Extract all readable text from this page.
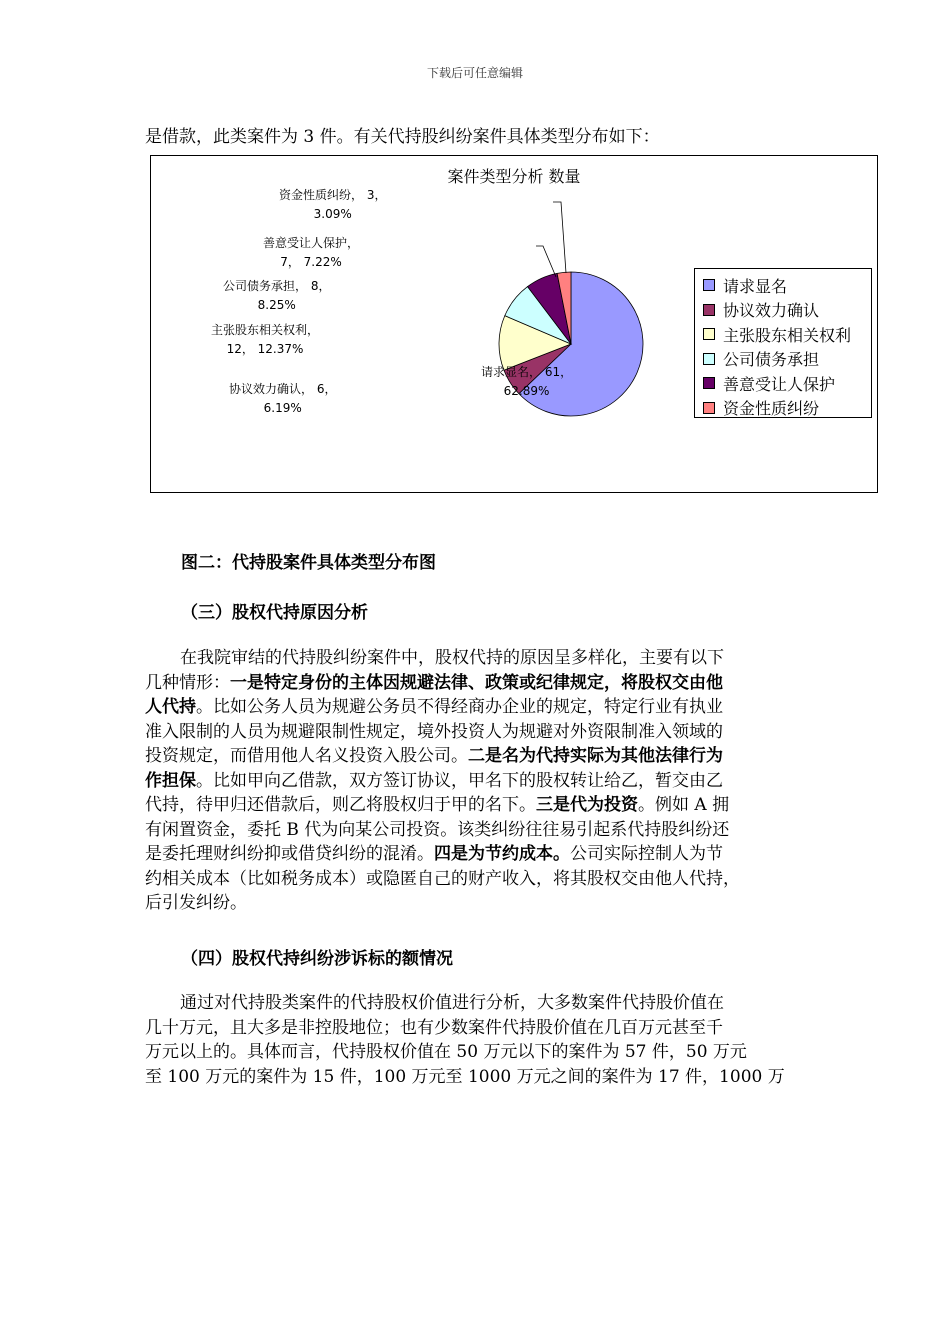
下载后可任意编辑
是借款，此类案件为 3 件。有关代持股纠纷案件具体类型分布如下：
案件类型分析 数量
请求显名， 61，
62.89%
协议效力确认， 6，
6.19%
主张股东相关权利，
12， 12.37%
公司债务承担， 8，
8.25%
善意受让人保护，
7， 7.22%
资金性质纠纷， 3，
3.09%
请求显名
协议效力确认
主张股东相关权利
公司债务承担
善意受让人保护
资金性质纠纷
图二：代持股案件具体类型分布图
（三）股权代持原因分析
在我院审结的代持股纠纷案件中，股权代持的原因呈多样化，主要有以下
几种情形：一是特定身份的主体因规避法律、政策或纪律规定，将股权交由他
人代持。比如公务人员为规避公务员不得经商办企业的规定，特定行业有执业
准入限制的人员为规避限制性规定，境外投资人为规避对外资限制准入领域的
投资规定，而借用他人名义投资入股公司。二是名为代持实际为其他法律行为
作担保。比如甲向乙借款，双方签订协议，甲名下的股权转让给乙，暂交由乙
代持，待甲归还借款后，则乙将股权归于甲的名下。三是代为投资。例如 A 拥
有闲置资金，委托 B 代为向某公司投资。该类纠纷往往易引起系代持股纠纷还
是委托理财纠纷抑或借贷纠纷的混淆。四是为节约成本。公司实际控制人为节
约相关成本（比如税务成本）或隐匿自己的财产收入，将其股权交由他人代持，
后引发纠纷。
（四）股权代持纠纷涉诉标的额情况
通过对代持股类案件的代持股权价值进行分析，大多数案件代持股价值在
几十万元，且大多是非控股地位；也有少数案件代持股价值在几百万元甚至千
万元以上的。具体而言，代持股权价值在 50 万元以下的案件为 57 件，50 万元
至 100 万元的案件为 15 件，100 万元至 1000 万元之间的案件为 17 件，1000 万
